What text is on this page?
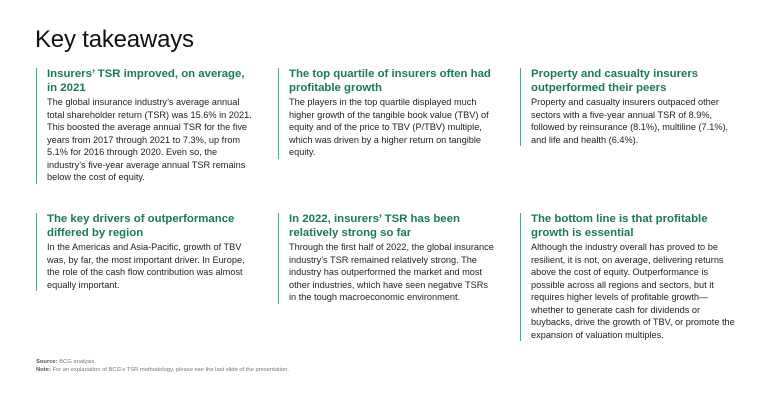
Key takeaways
Insurers’ TSR improved, on average, in 2021
The global insurance industry’s average annual total shareholder return (TSR) was 15.6% in 2021. This boosted the average annual TSR for the five years from 2017 through 2021 to 7.3%, up from 5.1% for 2016 through 2020. Even so, the industry’s five-year average annual TSR remains below the cost of equity.
The top quartile of insurers often had profitable growth
The players in the top quartile displayed much higher growth of the tangible book value (TBV) of equity and of the price to TBV (P/TBV) multiple, which was driven by a higher return on tangible equity.
Property and casualty insurers outperformed their peers
Property and casualty insurers outpaced other sectors with a five-year annual TSR of 8.9%, followed by reinsurance (8.1%), multiline (7.1%), and life and health (6.4%).
The key drivers of outperformance differed by region
In the Americas and Asia-Pacific, growth of TBV was, by far, the most important driver. In Europe, the role of the cash flow contribution was almost equally important.
In 2022, insurers’ TSR has been relatively strong so far
Through the first half of 2022, the global insurance industry’s TSR remained relatively strong. The industry has outperformed the market and most other industries, which have seen negative TSRs in the tough macroeconomic environment.
The bottom line is that profitable growth is essential
Although the industry overall has proved to be resilient, it is not, on average, delivering returns above the cost of equity. Outperformance is possible across all regions and sectors, but it requires higher levels of profitable growth—whether to generate cash for dividends or buybacks, drive the growth of TBV, or promote the expansion of valuation multiples.
Source: BCG analysis.
Note: For an explanation of BCG’s TSR methodology, please see the last slide of the presentation.
